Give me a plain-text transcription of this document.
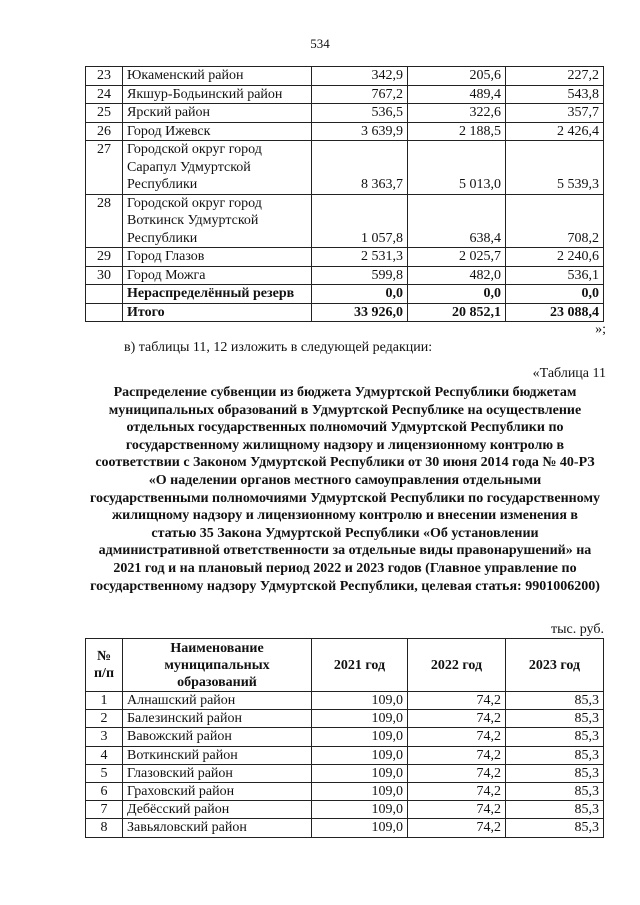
534
23	Юкаменский район	342,9	205,6	227,2
24	Якшур-Бодьинский район	767,2	489,4	543,8
25	Ярский район	536,5	322,6	357,7
26	Город Ижевск	3 639,9	2 188,5	2 426,4
27	Городской округ город Сарапул Удмуртской Республики	8 363,7	5 013,0	5 539,3
28	Городской округ город Воткинск Удмуртской Республики	1 057,8	638,4	708,2
29	Город Глазов	2 531,3	2 025,7	2 240,6
30	Город Можга	599,8	482,0	536,1
	Нераспределённый резерв	0,0	0,0	0,0
	Итого	33 926,0	20 852,1	23 088,4
»;
в) таблицы 11, 12 изложить в следующей редакции:
«Таблица 11
Распределение субвенции из бюджета Удмуртской Республики бюджетам муниципальных образований в Удмуртской Республике на осуществление отдельных государственных полномочий Удмуртской Республики по государственному жилищному надзору и лицензионному контролю в соответствии с Законом Удмуртской Республики от 30 июня 2014 года № 40-РЗ «О наделении органов местного самоуправления отдельными государственными полномочиями Удмуртской Республики по государственному жилищному надзору и лицензионному контролю и внесении изменения в статью 35 Закона Удмуртской Республики «Об установлении административной ответственности за отдельные виды правонарушений» на 2021 год и на плановый период 2022 и 2023 годов (Главное управление по государственному надзору Удмуртской Республики, целевая статья: 9901006200)
тыс. руб.
№ п/п	Наименование муниципальных образований	2021 год	2022 год	2023 год
1	Алнашский район	109,0	74,2	85,3
2	Балезинский район	109,0	74,2	85,3
3	Вавожский район	109,0	74,2	85,3
4	Воткинский район	109,0	74,2	85,3
5	Глазовский район	109,0	74,2	85,3
6	Граховский район	109,0	74,2	85,3
7	Дебёсский район	109,0	74,2	85,3
8	Завьяловский район	109,0	74,2	85,3
